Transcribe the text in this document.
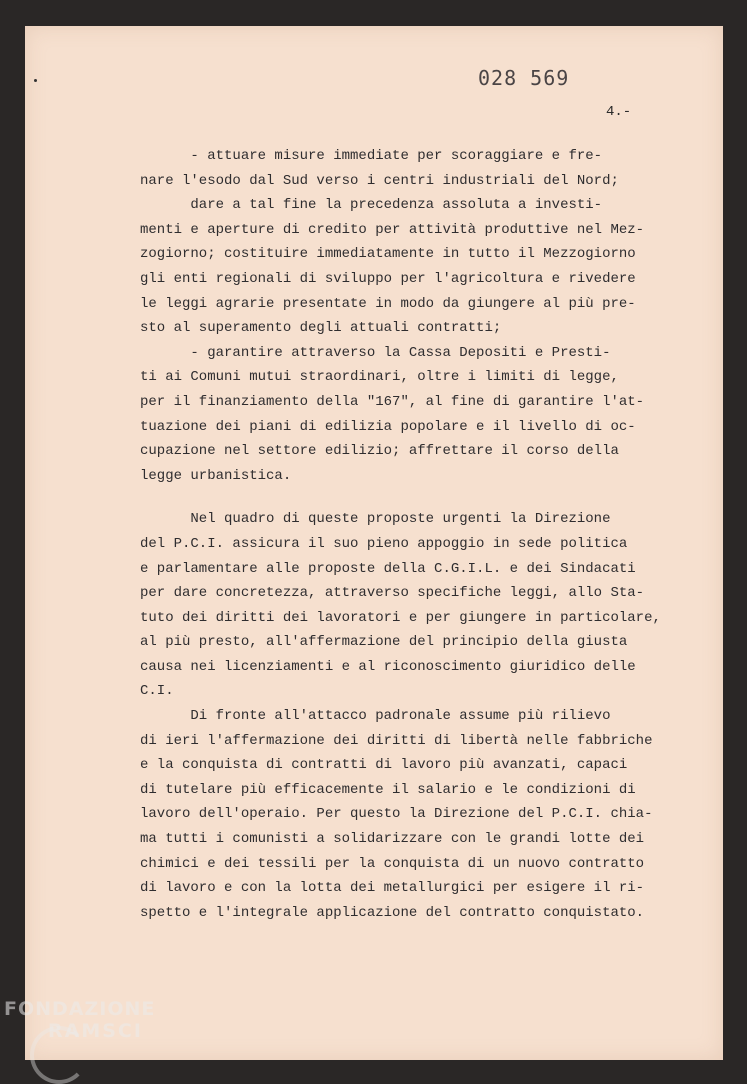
028 569
4.-
- attuare misure immediate per scoraggiare e fre-
nare l'esodo dal Sud verso i centri industriali del Nord;
dare a tal fine la precedenza assoluta a investi-
menti e aperture di credito per attività produttive nel Mez-
zogiorno; costituire immediatamente in tutto il Mezzogiorno
gli enti regionali di sviluppo per l'agricoltura e rivedere
le leggi agrarie presentate in modo da giungere al più pre-
sto al superamento degli attuali contratti;
- garantire attraverso la Cassa Depositi e Presti-
ti ai Comuni mutui straordinari, oltre i limiti di legge,
per il finanziamento della "167", al fine di garantire l'at-
tuazione dei piani di edilizia popolare e il livello di oc-
cupazione nel settore edilizio; affrettare il corso della
legge urbanistica.
Nel quadro di queste proposte urgenti la Direzione
del P.C.I. assicura il suo pieno appoggio in sede politica
e parlamentare alle proposte della C.G.I.L. e dei Sindacati
per dare concretezza, attraverso specifiche leggi, allo Sta-
tuto dei diritti dei lavoratori e per giungere in particolare,
al più presto, all'affermazione del principio della giusta
causa nei licenziamenti e al riconoscimento giuridico delle
C.I.
Di fronte all'attacco padronale assume più rilievo
di ieri l'affermazione dei diritti di libertà nelle fabbriche
e la conquista di contratti di lavoro più avanzati, capaci
di tutelare più efficacemente il salario e le condizioni di
lavoro dell'operaio. Per questo la Direzione del P.C.I. chia-
ma tutti i comunisti a solidarizzare con le grandi lotte dei
chimici e dei tessili per la conquista di un nuovo contratto
di lavoro e con la lotta dei metallurgici per esigere il ri-
spetto e l'integrale applicazione del contratto conquistato.
FONDAZIONE
RAMSCI
